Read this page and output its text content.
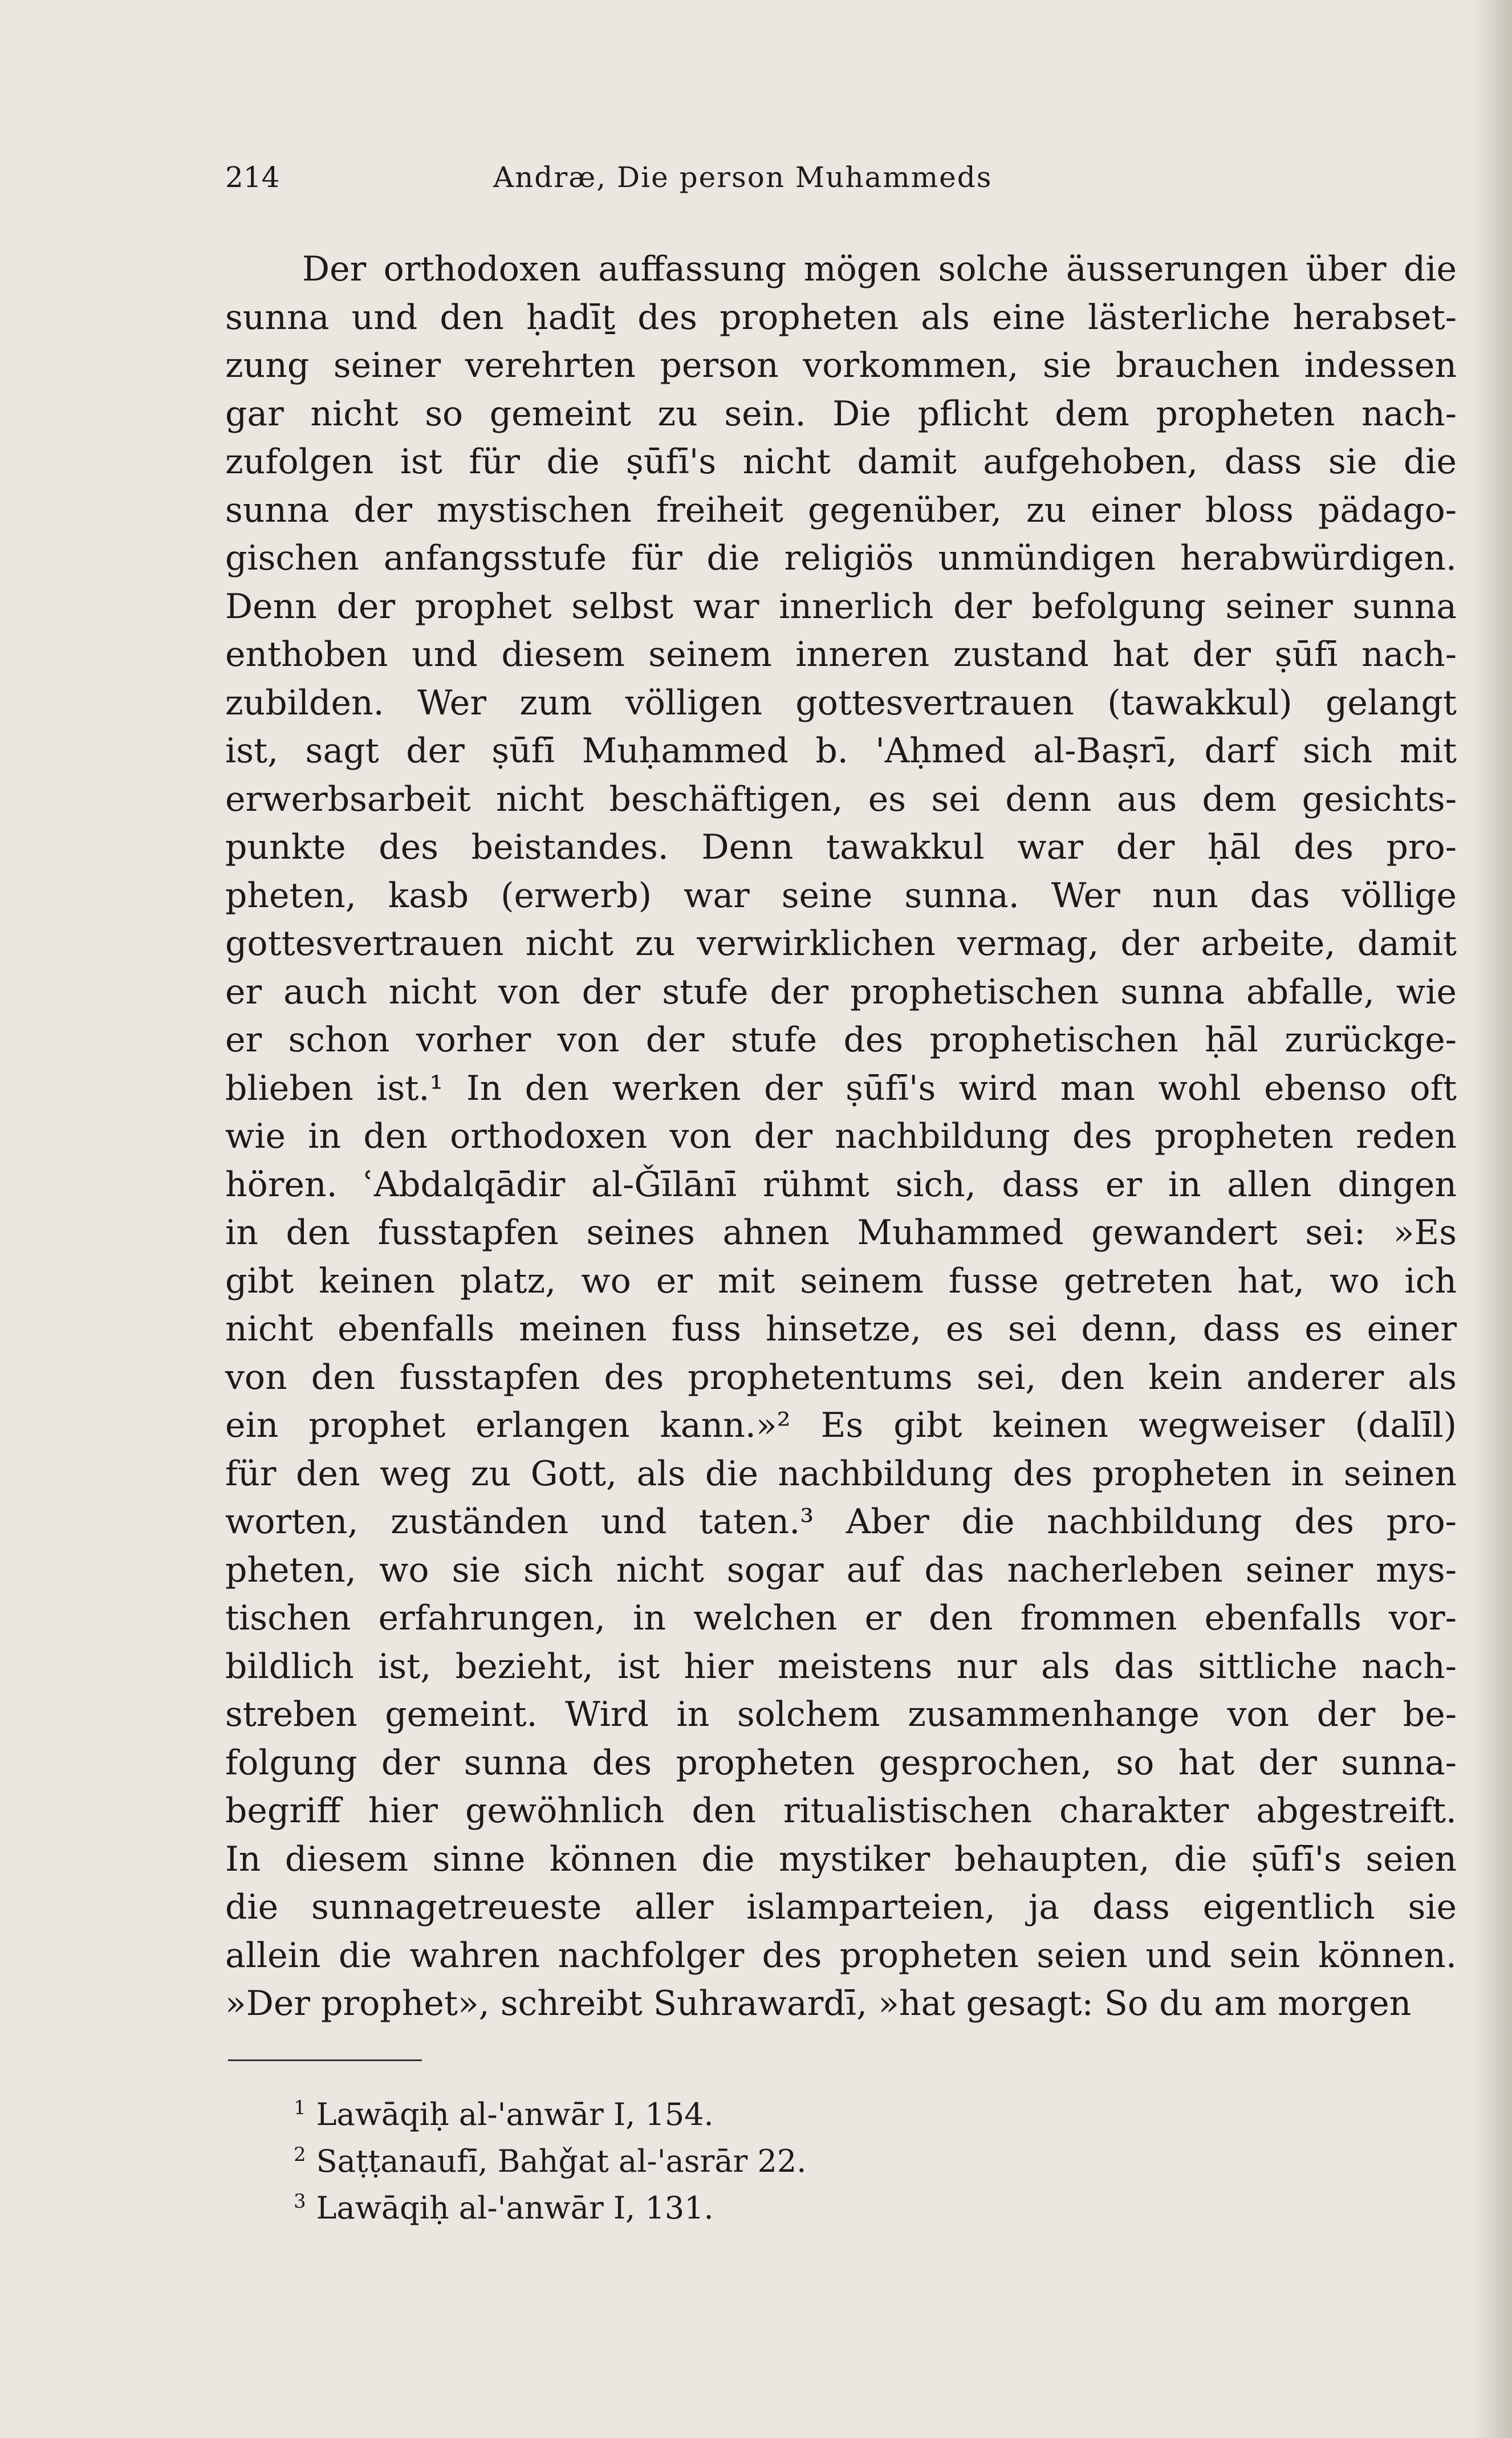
214	Andræ, Die person Muhammeds
Der orthodoxen auffassung mögen solche äusserungen über die
sunna und den ḥadīṯ des propheten als eine lästerliche herabset-
zung seiner verehrten person vorkommen, sie brauchen indessen
gar nicht so gemeint zu sein. Die pflicht dem propheten nach-
zufolgen ist für die ṣūfī's nicht damit aufgehoben, dass sie die
sunna der mystischen freiheit gegenüber, zu einer bloss pädago-
gischen anfangsstufe für die religiös unmündigen herabwürdigen.
Denn der prophet selbst war innerlich der befolgung seiner sunna
enthoben und diesem seinem inneren zustand hat der ṣūfī nach-
zubilden. Wer zum völligen gottesvertrauen (tawakkul) gelangt
ist, sagt der ṣūfī Muḥammed b. 'Aḥmed al-Baṣrī, darf sich mit
erwerbsarbeit nicht beschäftigen, es sei denn aus dem gesichts-
punkte des beistandes. Denn tawakkul war der ḥāl des pro-
pheten, kasb (erwerb) war seine sunna. Wer nun das völlige
gottesvertrauen nicht zu verwirklichen vermag, der arbeite, damit
er auch nicht von der stufe der prophetischen sunna abfalle, wie
er schon vorher von der stufe des prophetischen ḥāl zurückge-
blieben ist.¹ In den werken der ṣūfī's wird man wohl ebenso oft
wie in den orthodoxen von der nachbildung des propheten reden
hören. ʿAbdalqādir al-Ǧīlānī rühmt sich, dass er in allen dingen
in den fusstapfen seines ahnen Muhammed gewandert sei: »Es
gibt keinen platz, wo er mit seinem fusse getreten hat, wo ich
nicht ebenfalls meinen fuss hinsetze, es sei denn, dass es einer
von den fusstapfen des prophetentums sei, den kein anderer als
ein prophet erlangen kann.»² Es gibt keinen wegweiser (dalīl)
für den weg zu Gott, als die nachbildung des propheten in seinen
worten, zuständen und taten.³ Aber die nachbildung des pro-
pheten, wo sie sich nicht sogar auf das nacherleben seiner mys-
tischen erfahrungen, in welchen er den frommen ebenfalls vor-
bildlich ist, bezieht, ist hier meistens nur als das sittliche nach-
streben gemeint. Wird in solchem zusammenhange von der be-
folgung der sunna des propheten gesprochen, so hat der sunna-
begriff hier gewöhnlich den ritualistischen charakter abgestreift.
In diesem sinne können die mystiker behaupten, die ṣūfī's seien
die sunnagetreueste aller islamparteien, ja dass eigentlich sie
allein die wahren nachfolger des propheten seien und sein können.
»Der prophet», schreibt Suhrawardī, »hat gesagt: So du am morgen
$^1$ Lawāqiḥ al-'anwār I, 154.
$^2$ Saṭṭanaufī, Bahǧat al-'asrār 22.
$^3$ Lawāqiḥ al-'anwār I, 131.
